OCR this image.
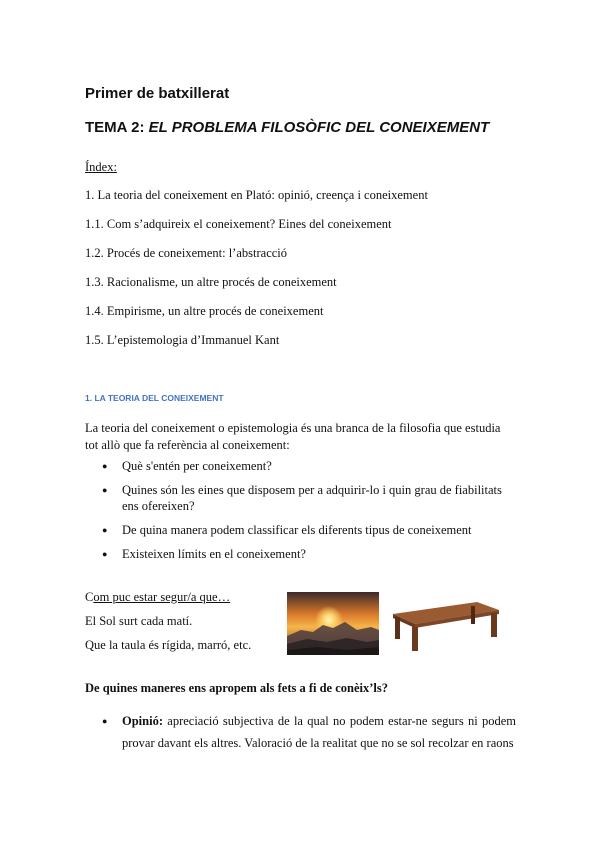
Primer de batxillerat
TEMA 2: EL PROBLEMA FILOSÒFIC DEL CONEIXEMENT
Índex:
1. La teoria del coneixement en Plató: opinió, creença i coneixement
1.1. Com s’adquireix el coneixement? Eines del coneixement
1.2. Procés de coneixement: l’abstracció
1.3. Racionalisme, un altre procés de coneixement
1.4. Empirisme, un altre procés de coneixement
1.5. L’epistemologia d’Immanuel Kant
1. LA TEORIA DEL CONEIXEMENT
La teoria del coneixement o epistemologia és una branca de la filosofia que estudia tot allò que fa referència al coneixement:
● Què s'entén per coneixement?
● Quines són les eines que disposem per a adquirir-lo i quin grau de fiabilitats ens ofereixen?
● De quina manera podem classificar els diferents tipus de coneixement
● Existeixen límits en el coneixement?
Com puc estar segur/a que…
El Sol surt cada matí.
Que la taula és rígida, marró, etc.
De quines maneres ens apropem als fets a fi de conèix’ls?
●	Opinió: apreciació subjectiva de la qual no podem estar-ne segurs ni podem provar davant els altres. Valoració de la realitat que no se sol recolzar en raons
